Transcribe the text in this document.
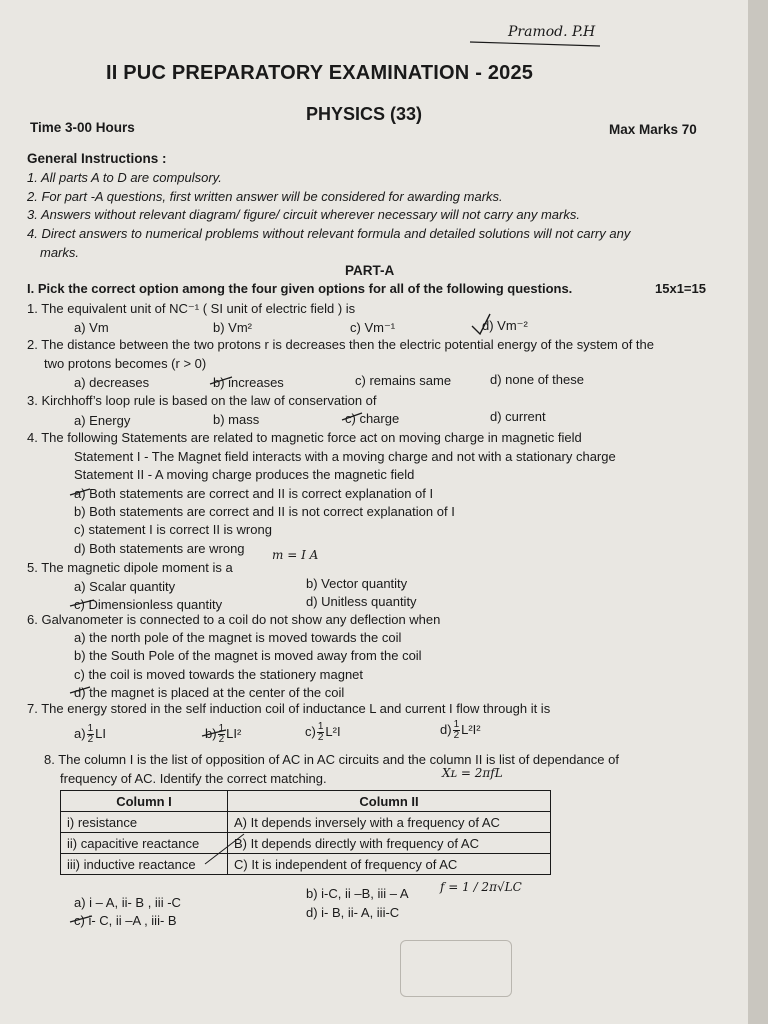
Pramod. P.H
II PUC PREPARATORY EXAMINATION - 2025
PHYSICS (33)
Time 3-00 Hours	Max Marks 70
General Instructions :
1. All parts A to D are compulsory.
2. For part -A questions, first written answer will be considered for awarding marks.
3. Answers without relevant diagram/ figure/ circuit wherever necessary will not carry any marks.
4. Direct answers to numerical problems without relevant formula and detailed solutions will not carry any
marks.
PART-A
I. Pick the correct option among the four given options for all of the following questions.	15x1=15
1. The equivalent unit of NC⁻¹ ( SI unit of electric field ) is
a) Vm	b) Vm²	c) Vm⁻¹	d) Vm⁻²
2. The distance between the two protons r is decreases then the electric potential energy of the system of the
two protons becomes (r > 0)
a) decreases	b) increases	c) remains same	d) none of these
3. Kirchhoff’s loop rule is based on the law of conservation of
a) Energy	b) mass	c) charge	d) current
4. The following Statements are related to magnetic force act on moving charge in magnetic field
Statement I - The Magnet field interacts with a moving charge and not with a stationary charge
Statement II - A moving charge produces the magnetic field
a) Both statements are correct and II is correct explanation of I
b) Both statements are correct and II is not correct explanation of I
c) statement I is correct II is wrong
d) Both statements are wrong
5. The magnetic dipole moment is a
m = I A
a) Scalar quantity	b) Vector quantity
c) Dimensionless quantity	d) Unitless quantity
6. Galvanometer is connected to a coil do not show any deflection when
a) the north pole of the magnet is moved towards the coil
b) the South Pole of the magnet is moved away from the coil
c) the coil is moved towards the stationery magnet
d) the magnet is placed at the center of the coil
7. The energy stored in the self induction coil of inductance L and current I flow through it is
$a) \frac{1}{2}$ LI	$b) \frac{1}{2} LI^2$	$c) \frac{1}{2} L^2I$	$d) \frac{1}{2} L^2I^2$
8. The column I is the list of opposition of AC in AC circuits and the column II is list of dependance of
frequency of AC. Identify the correct matching.	Xʟ = 2πfL
Column I	Column II
i) resistance	A) It depends inversely with a frequency of AC
ii) capacitive reactance	B) It depends directly with frequency of AC
iii) inductive reactance	C) It is independent of frequency of AC
a) i – A, ii- B , iii -C
b) i-C, ii –B, iii – A	f = 1 / 2π√LC
c) i- C, ii –A , iii- B
d) i- B, ii- A, iii-C
